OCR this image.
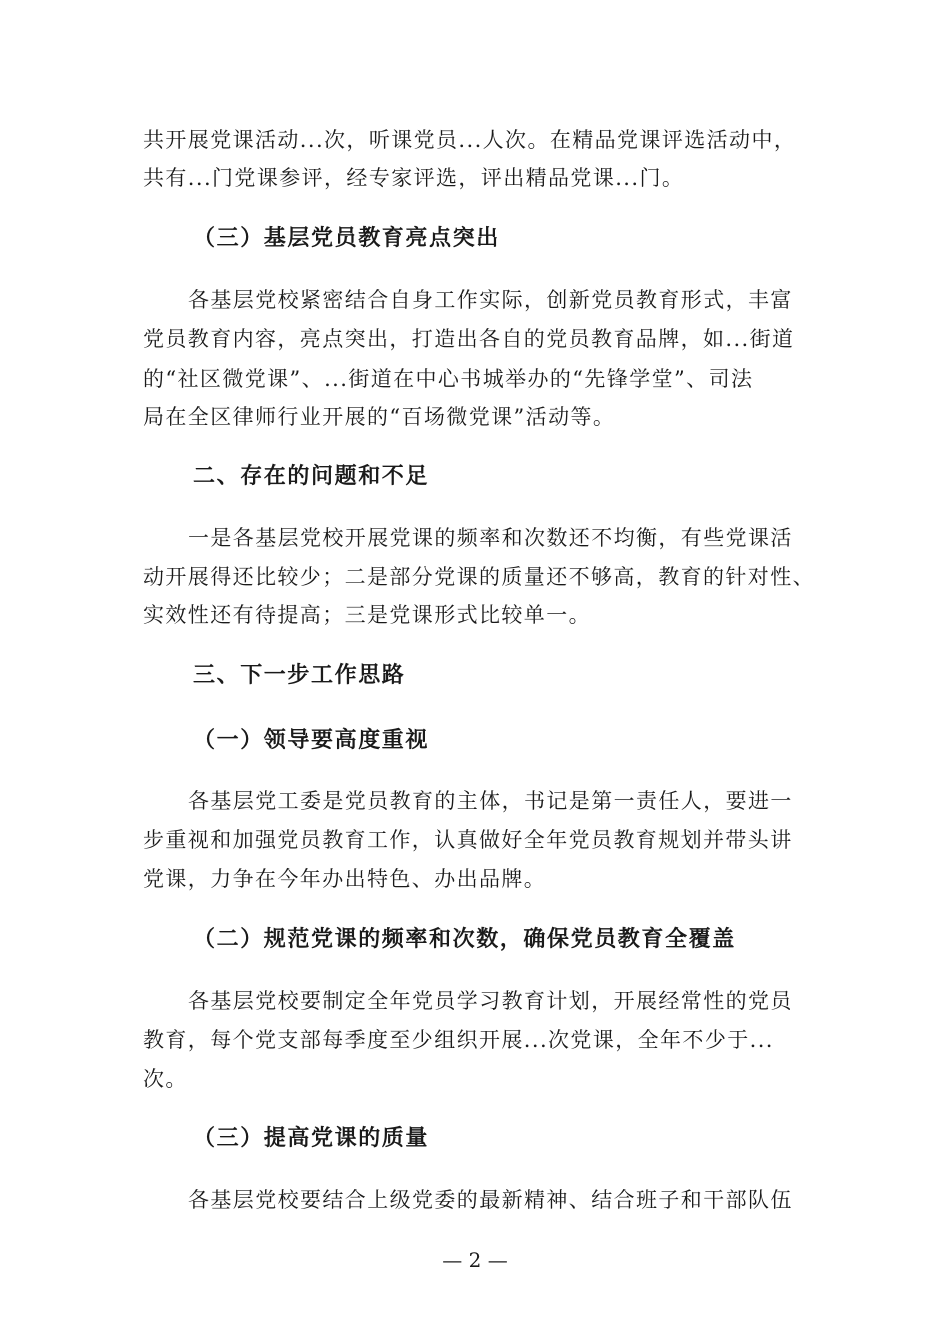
共开展党课活动...次，听课党员...人次。在精品党课评选活动中，
共有...门党课参评，经专家评选，评出精品党课...门。
（三）基层党员教育亮点突出
各基层党校紧密结合自身工作实际，创新党员教育形式，丰富
党员教育内容，亮点突出，打造出各自的党员教育品牌，如...街道
的“社区微党课”、...街道在中心书城举办的“先锋学堂”、司法
局在全区律师行业开展的“百场微党课”活动等。
二、存在的问题和不足
一是各基层党校开展党课的频率和次数还不均衡，有些党课活
动开展得还比较少；二是部分党课的质量还不够高，教育的针对性、
实效性还有待提高；三是党课形式比较单一。
三、下一步工作思路
（一）领导要高度重视
各基层党工委是党员教育的主体，书记是第一责任人，要进一
步重视和加强党员教育工作，认真做好全年党员教育规划并带头讲
党课，力争在今年办出特色、办出品牌。
（二）规范党课的频率和次数，确保党员教育全覆盖
各基层党校要制定全年党员学习教育计划，开展经常性的党员
教育，每个党支部每季度至少组织开展...次党课，全年不少于...
次。
（三）提高党课的质量
各基层党校要结合上级党委的最新精神、结合班子和干部队伍
— 2 —
